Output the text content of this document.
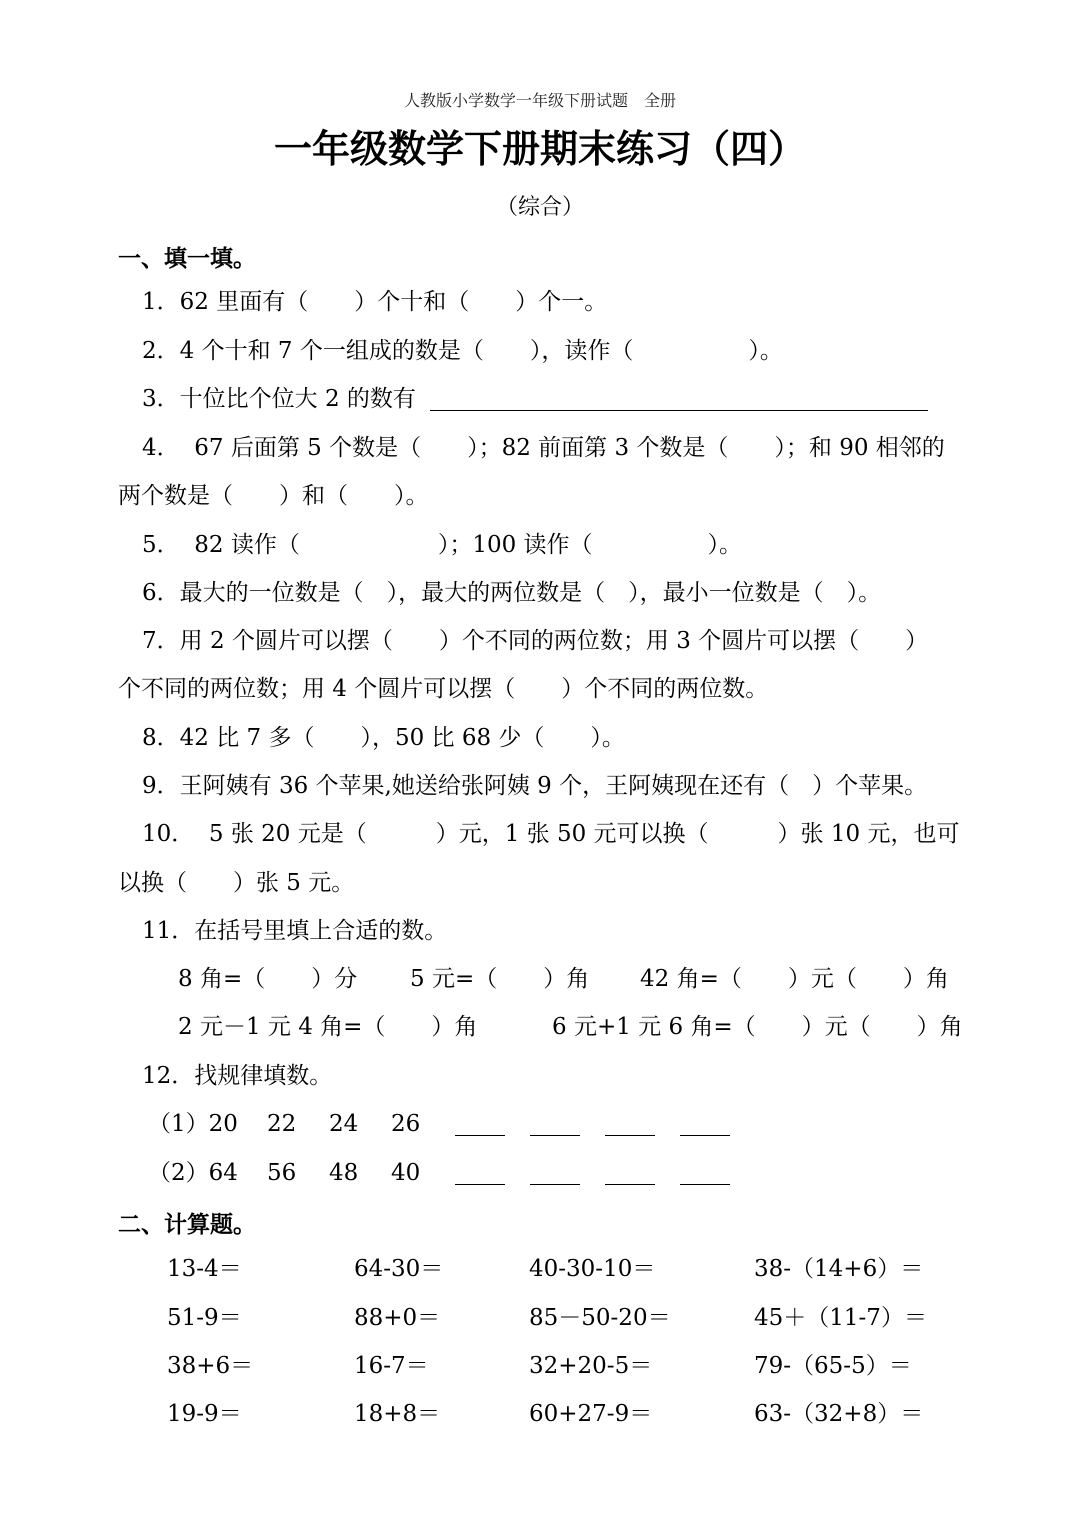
人教版小学数学一年级下册试题　 全册
一年级数学下册期末练习（四）
（综合）
一、填一填。
1．62 里面有（　　）个十和（　　）个一。
2．4 个十和 7 个一组成的数是（　　），读作（　　　　　）。
3．十位比个位大 2 的数有
4．  67 后面第 5 个数是（　　）；82 前面第 3 个数是（　　）；和 90 相邻的
两个数是（　　）和（　　）。
5．  82 读作（　　　　　　）；100 读作（　　　　　）。
6．最大的一位数是（　），最大的两位数是（　），最小一位数是（　）。
7．用 2 个圆片可以摆（　　）个不同的两位数；用 3 个圆片可以摆（　　）
个不同的两位数；用 4 个圆片可以摆（　　）个不同的两位数。
8．42 比 7 多（　　），50 比 68 少（　　）。
9．王阿姨有 36 个苹果,她送给张阿姨 9 个，王阿姨现在还有（　）个苹果。
10．  5 张 20 元是（　　　）元，1 张 50 元可以换（　　　）张 10 元，也可
以换（　　）张 5 元。
11．在括号里填上合适的数。
8 角=（　　）分 5 元=（　　）角 42 角=（　　）元（　　）角
2 元－1 元 4 角=（　　）角	6 元+1 元 6 角=（　　）元（　　）角
12．找规律填数。
（1）20 22 24 26
（2）64 56 48 40
二、计算题。
13-4＝	64-30＝	40-30-10＝	38-（14+6）＝
51-9＝	88+0＝	85－50-20＝	45＋（11-7）＝
38+6＝	16-7＝	32+20-5＝	79-（65-5）＝
19-9＝	18+8＝	60+27-9＝	63-（32+8）＝
